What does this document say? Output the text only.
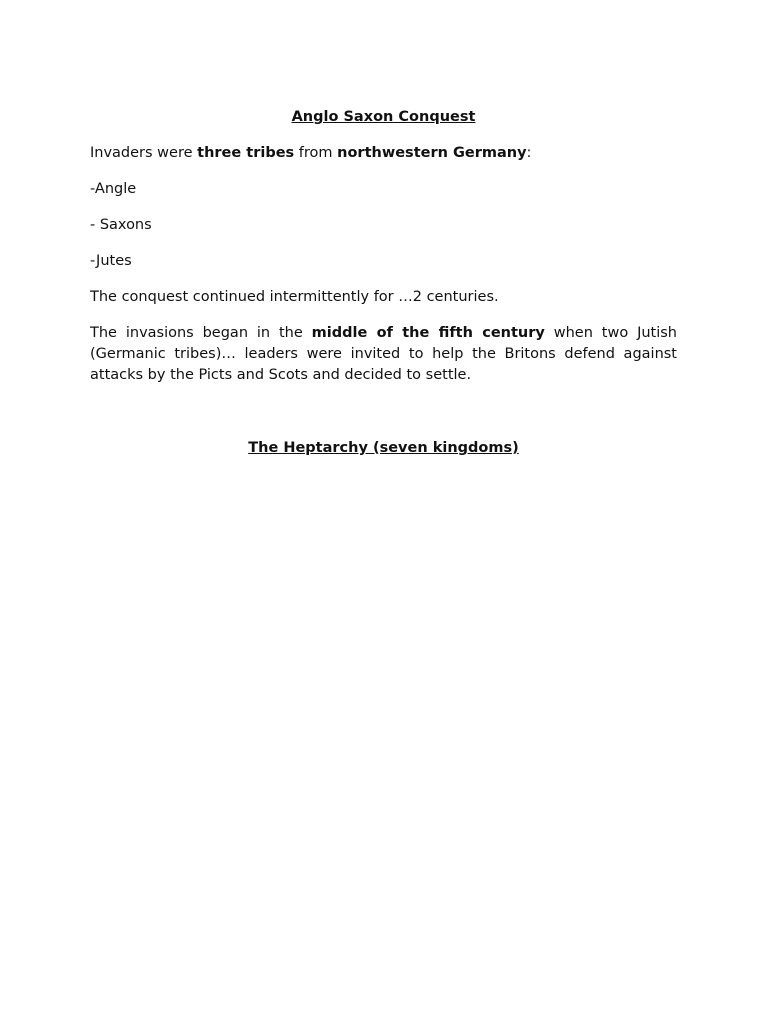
Anglo Saxon Conquest

Invaders were three tribes from northwestern Germany:

-Angle

- Saxons

-Jutes

The conquest continued intermittently for …2 centuries.

The invasions began in the middle of the fifth century when two Jutish (Germanic tribes)… leaders were invited to help the Britons defend against attacks by the Picts and Scots and decided to settle.

The Heptarchy (seven kingdoms)
